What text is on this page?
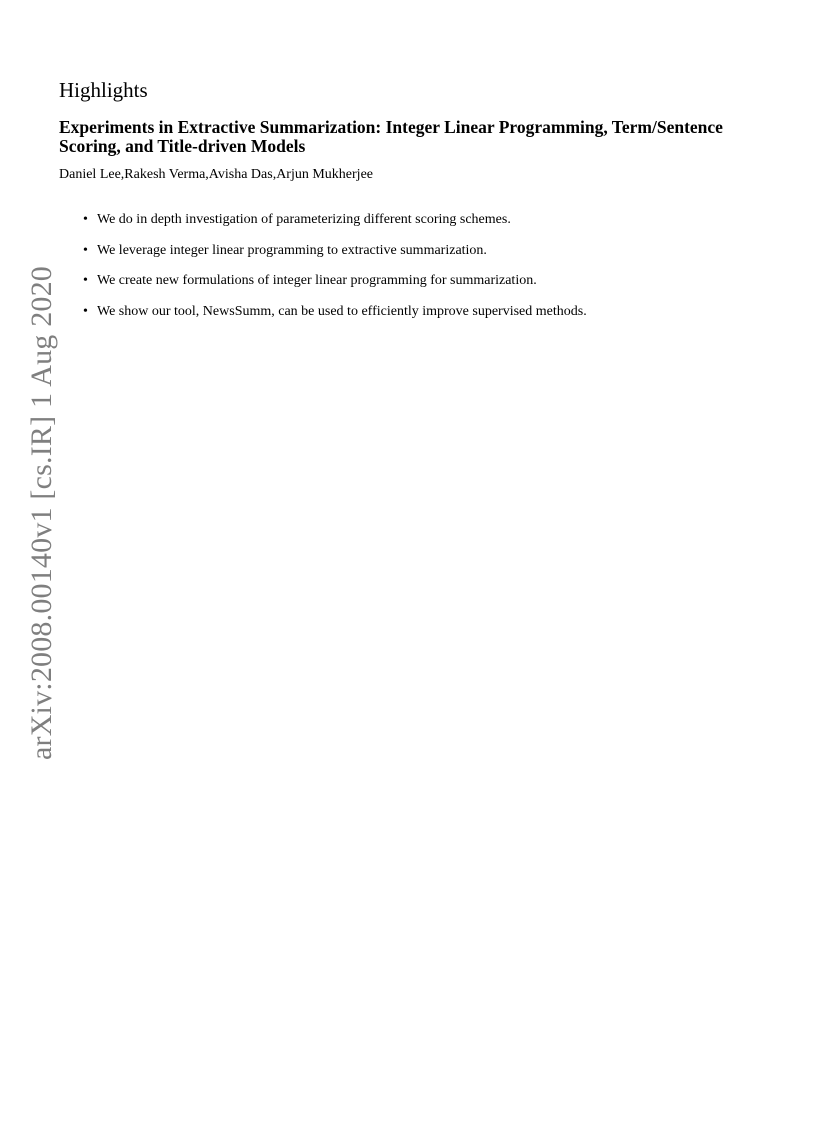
Highlights
Experiments in Extractive Summarization: Integer Linear Programming, Term/Sentence Scoring, and Title-driven Models

Daniel Lee,Rakesh Verma,Avisha Das,Arjun Mukherjee

• We do in depth investigation of parameterizing different scoring schemes.
• We leverage integer linear programming to extractive summarization.
• We create new formulations of integer linear programming for summarization.
• We show our tool, NewsSumm, can be used to efficiently improve supervised methods.
arXiv:2008.00140v1 [cs.IR] 1 Aug 2020
